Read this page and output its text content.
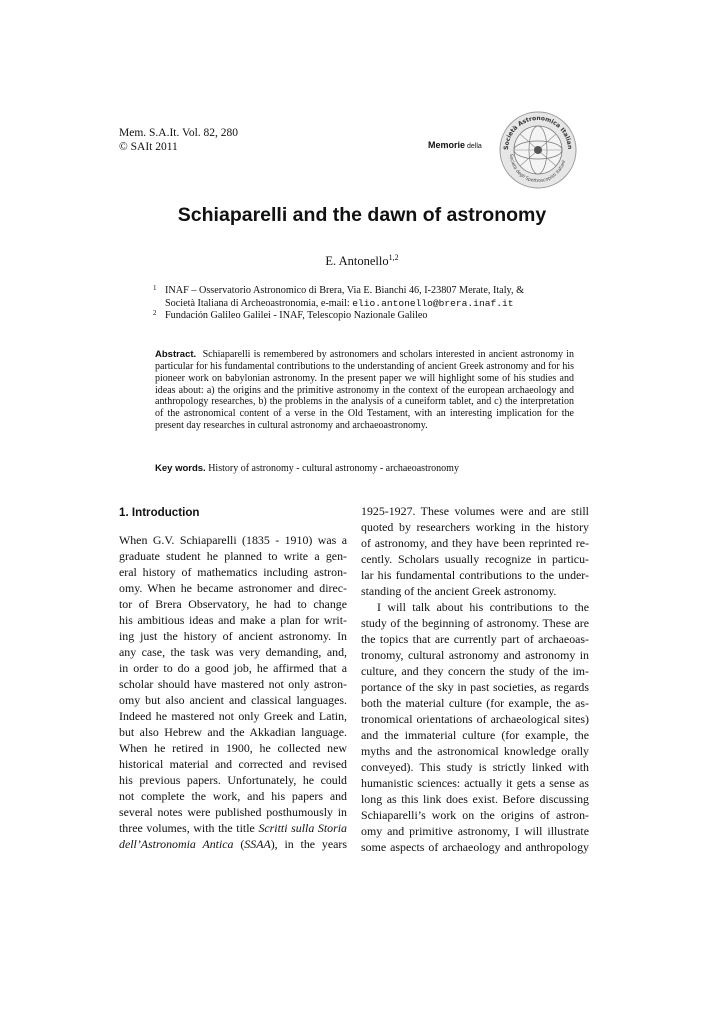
Mem. S.A.It. Vol. 82, 280
© SAIt 2011	Memorie della	Società Astronomica Italian
Società degli Spettroscopisti Italiani
Schiaparelli and the dawn of astronomy
E. Antonello$^{1,2}$
1 INAF – Osservatorio Astronomico di Brera, Via E. Bianchi 46, I-23807 Merate, Italy, &
Società Italiana di Archeoastronomia, e-mail: elio.antonello@brera.inaf.it
2 Fundación Galileo Galilei - INAF, Telescopio Nazionale Galileo
Abstract. Schiaparelli is remembered by astronomers and scholars interested in ancient astronomy in particular for his fundamental contributions to the understanding of ancient Greek astronomy and for his pioneer work on babylonian astronomy. In the present paper we will highlight some of his studies and ideas about: a) the origins and the primitive astronomy in the context of the european archaeology and anthropology researches, b) the problems in the analysis of a cuneiform tablet, and c) the interpretation of the astronomical content of a verse in the Old Testament, with an interesting implication for the present day researches in cultural astronomy and archaeoastronomy.
Key words. History of astronomy - cultural astronomy - archaeoastronomy
1. Introduction
When G.V. Schiaparelli (1835 - 1910) was a
graduate student he planned to write a gen-
eral history of mathematics including astron-
omy. When he became astronomer and direc-
tor of Brera Observatory, he had to change
his ambitious ideas and make a plan for writ-
ing just the history of ancient astronomy. In
any case, the task was very demanding, and,
in order to do a good job, he affirmed that a
scholar should have mastered not only astron-
omy but also ancient and classical languages.
Indeed he mastered not only Greek and Latin,
but also Hebrew and the Akkadian language.
When he retired in 1900, he collected new
historical material and corrected and revised
his previous papers. Unfortunately, he could
not complete the work, and his papers and
several notes were published posthumously in
three volumes, with the title Scritti sulla Storia
dell’Astronomia Antica (SSAA), in the years
1925-1927. These volumes were and are still
quoted by researchers working in the history
of astronomy, and they have been reprinted re-
cently. Scholars usually recognize in particu-
lar his fundamental contributions to the under-
standing of the ancient Greek astronomy.
I will talk about his contributions to the
study of the beginning of astronomy. These are
the topics that are currently part of archaeoas-
tronomy, cultural astronomy and astronomy in
culture, and they concern the study of the im-
portance of the sky in past societies, as regards
both the material culture (for example, the as-
tronomical orientations of archaeological sites)
and the immaterial culture (for example, the
myths and the astronomical knowledge orally
conveyed). This study is strictly linked with
humanistic sciences: actually it gets a sense as
long as this link does exist. Before discussing
Schiaparelli’s work on the origins of astron-
omy and primitive astronomy, I will illustrate
some aspects of archaeology and anthropology
